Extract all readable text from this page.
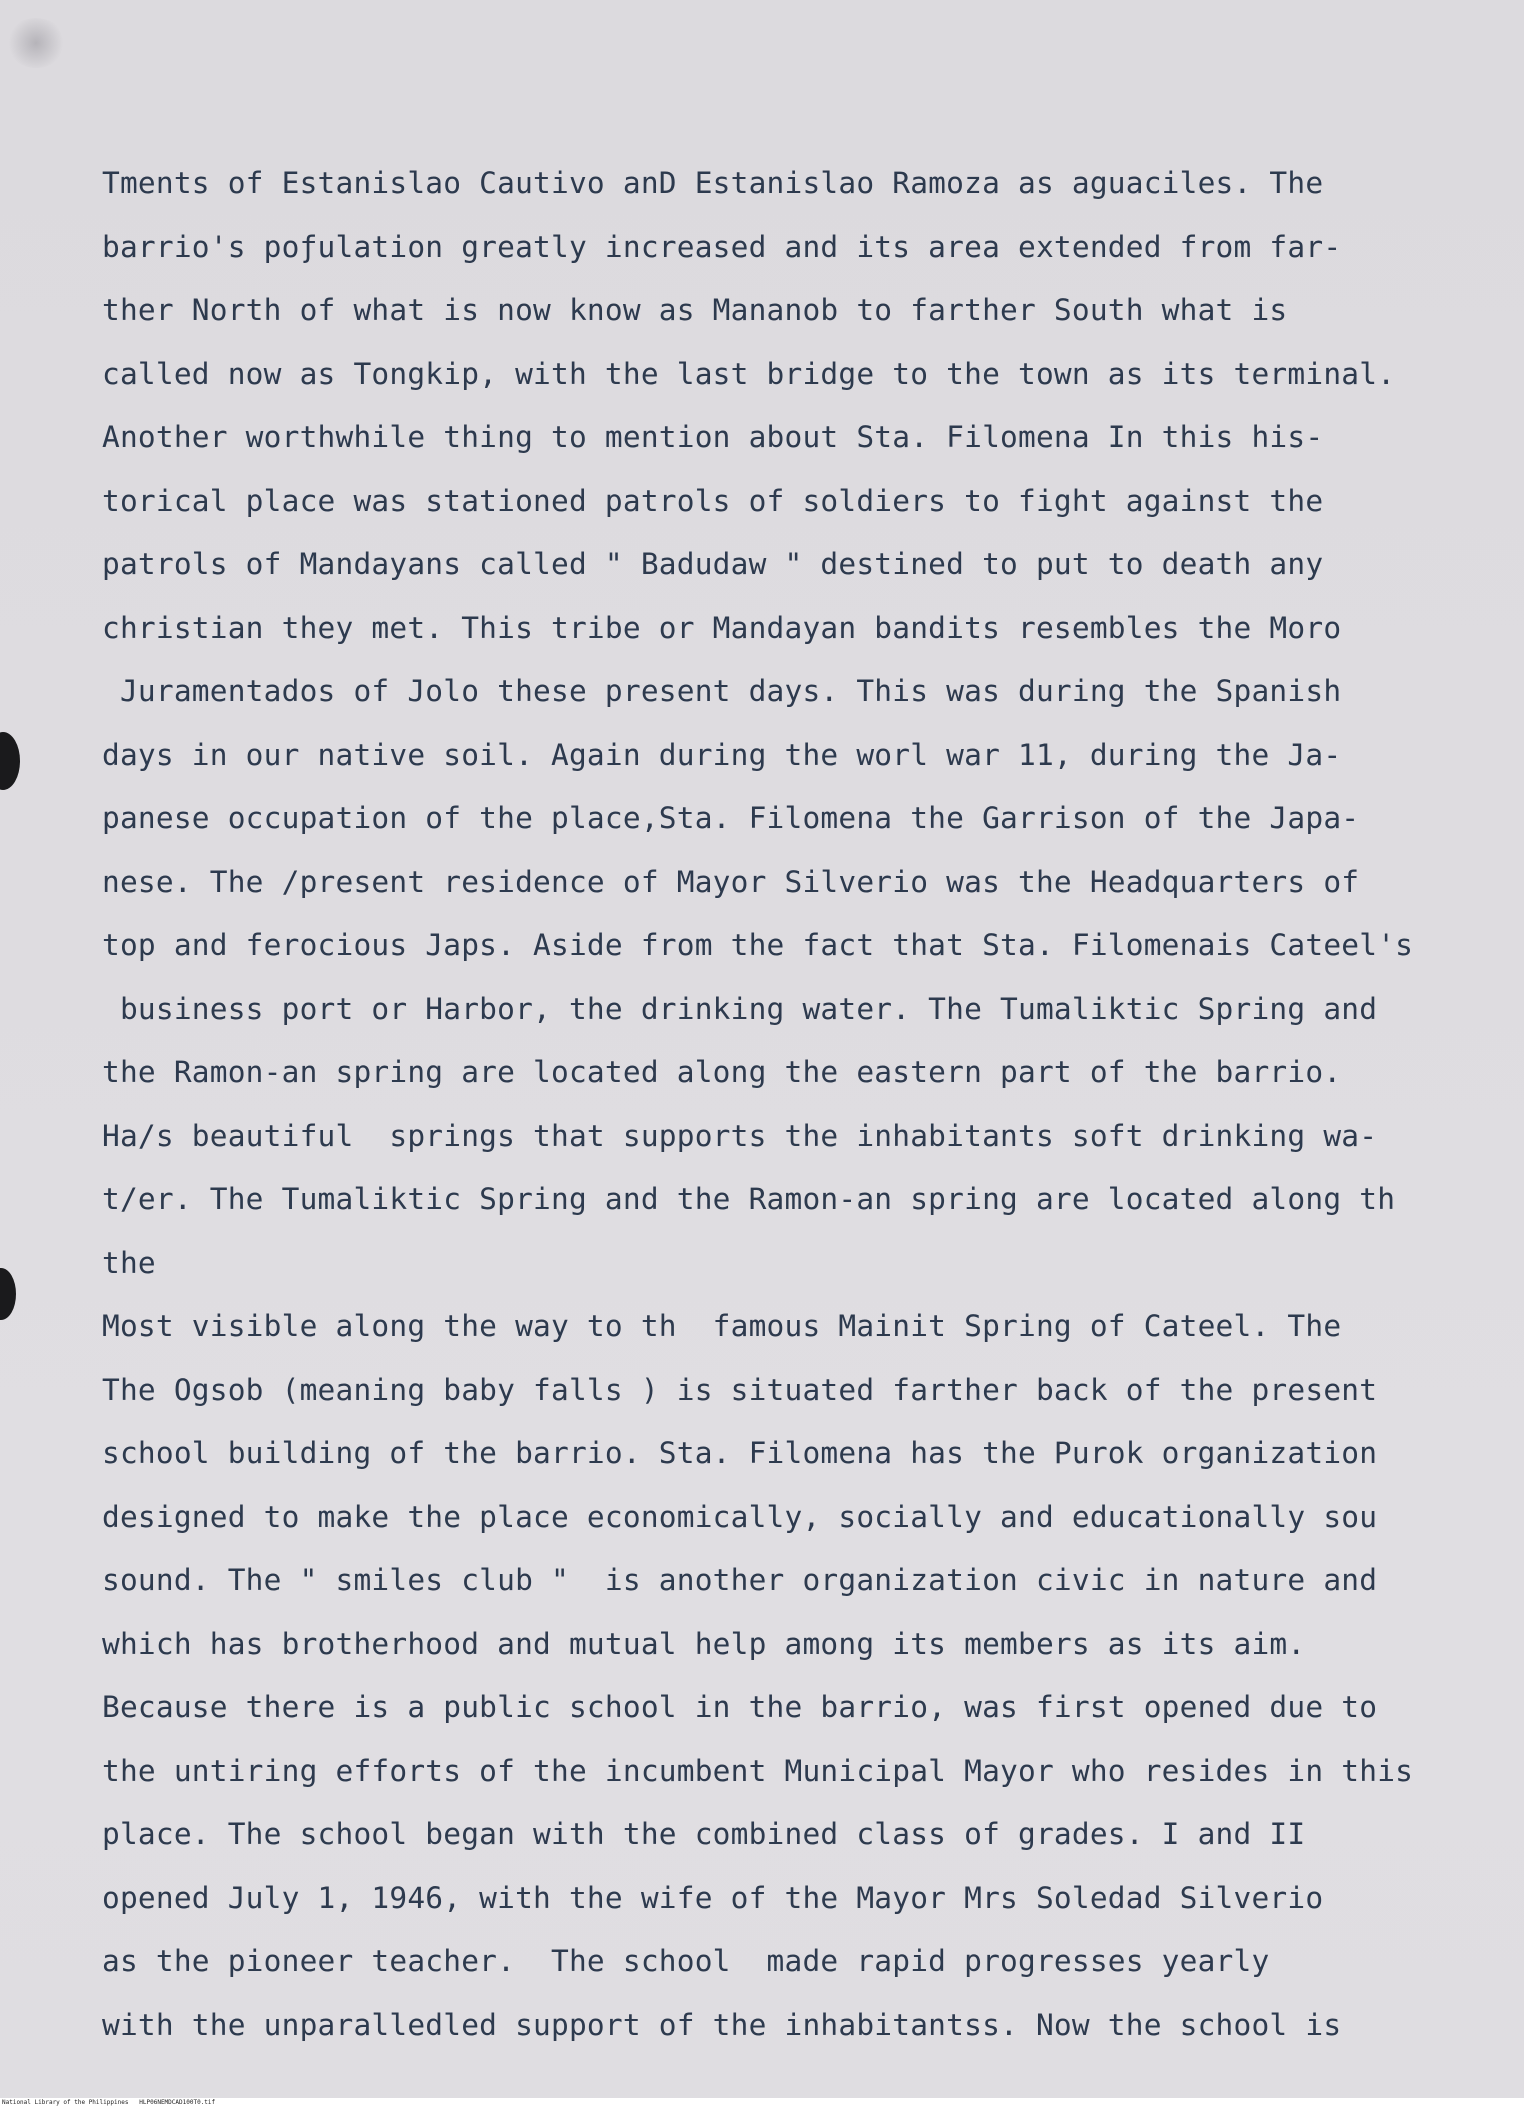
Tments of Estanislao Cautivo anD Estanislao Ramoza as aguaciles. The
barrio's poƒulation greatly increased and its area extended from far-
ther North of what is now know as Mananob to farther South what is
called now as Tongkip, with the last bridge to the town as its terminal.
Another worthwhile thing to mention about Sta. Filomena In this his-
torical place was stationed patrols of soldiers to fight against the
patrols of Mandayans called " Badudaw " destined to put to death any
christian they met. This tribe or Mandayan bandits resembles the Moro
Juramentados of Jolo these present days. This was during the Spanish
days in our native soil. Again during the worl war 11, during the Ja-
panese occupation of the place,Sta. Filomena the Garrison of the Japa-
nese. The ∕present residence of Mayor Silverio was the Headquarters of
top and ferocious Japs. Aside from the fact that Sta. Filomenais Cateel's
business port or Harbor, the drinking water. The Tumaliktic Spring and
the Ramon-an spring are located along the eastern part of the barrio.
Ha∕s beautiful  springs that supports the inhabitants soft drinking wa-
t∕er. The Tumaliktic Spring and the Ramon-an spring are located along th
the
Most visible along the way to th  famous Mainit Spring of Cateel. The
The Ogsob (meaning baby falls ) is situated farther back of the present
school building of the barrio. Sta. Filomena has the Purok organization
designed to make the place economically, socially and educationally sou
sound. The " smiles club "  is another organization civic in nature and
which has brotherhood and mutual help among its members as its aim.
Because there is a public school in the barrio, was first opened due to
the untiring efforts of the incumbent Municipal Mayor who resides in this
place. The school began with the combined class of grades. I and II
opened July 1, 1946, with the wife of the Mayor Mrs Soledad Silverio
as the pioneer teacher.  The school  made rapid progresses yearly
with the unparalledled support of the inhabitantss. Now the school is
National Library of the Philippines   HLP06NEMDCAD100T0.tif
